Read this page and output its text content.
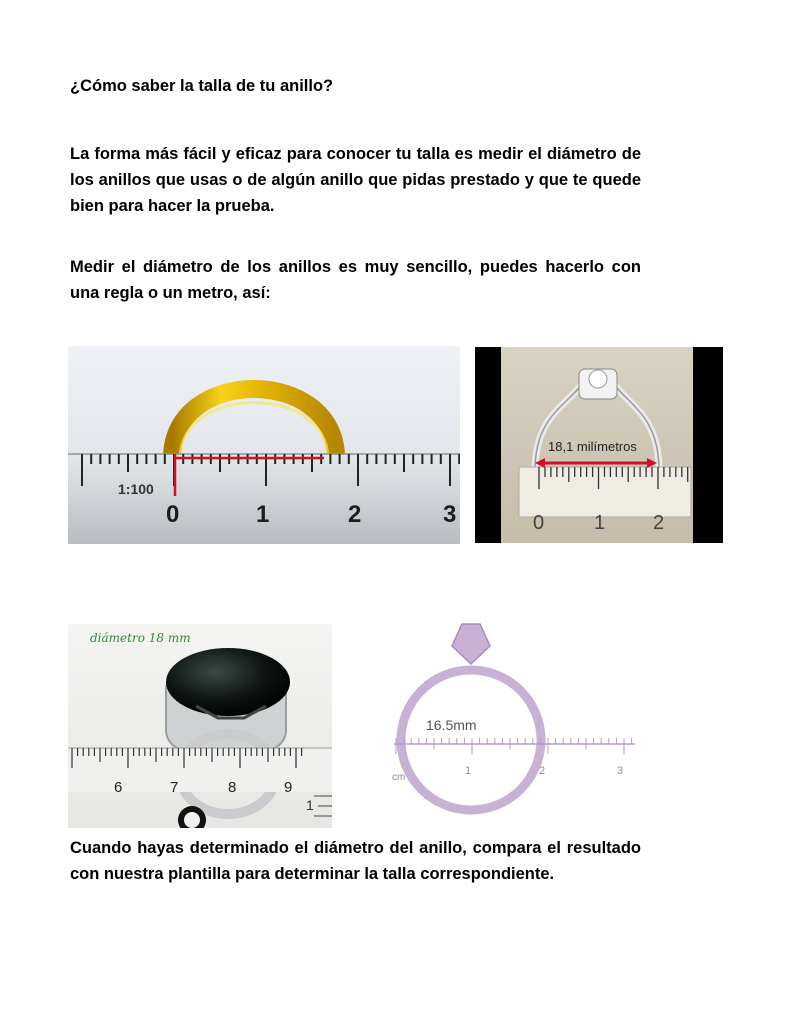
¿Cómo saber la talla de tu anillo?

La forma más fácil y eficaz para conocer tu talla es medir el diámetro de los anillos que usas o de algún anillo que pidas prestado y que te quede bien para hacer la prueba.

Medir el diámetro de los anillos es muy sencillo, puedes hacerlo con una regla o un metro, así:

1:100
0	1	2	3
18,1 milímetros
0 1 2
diámetro 18 mm
6	7	8	9
1
16.5mm
cm
1	2	3

Cuando hayas determinado el diámetro del anillo, compara el resultado con nuestra plantilla para determinar la talla correspondiente.
